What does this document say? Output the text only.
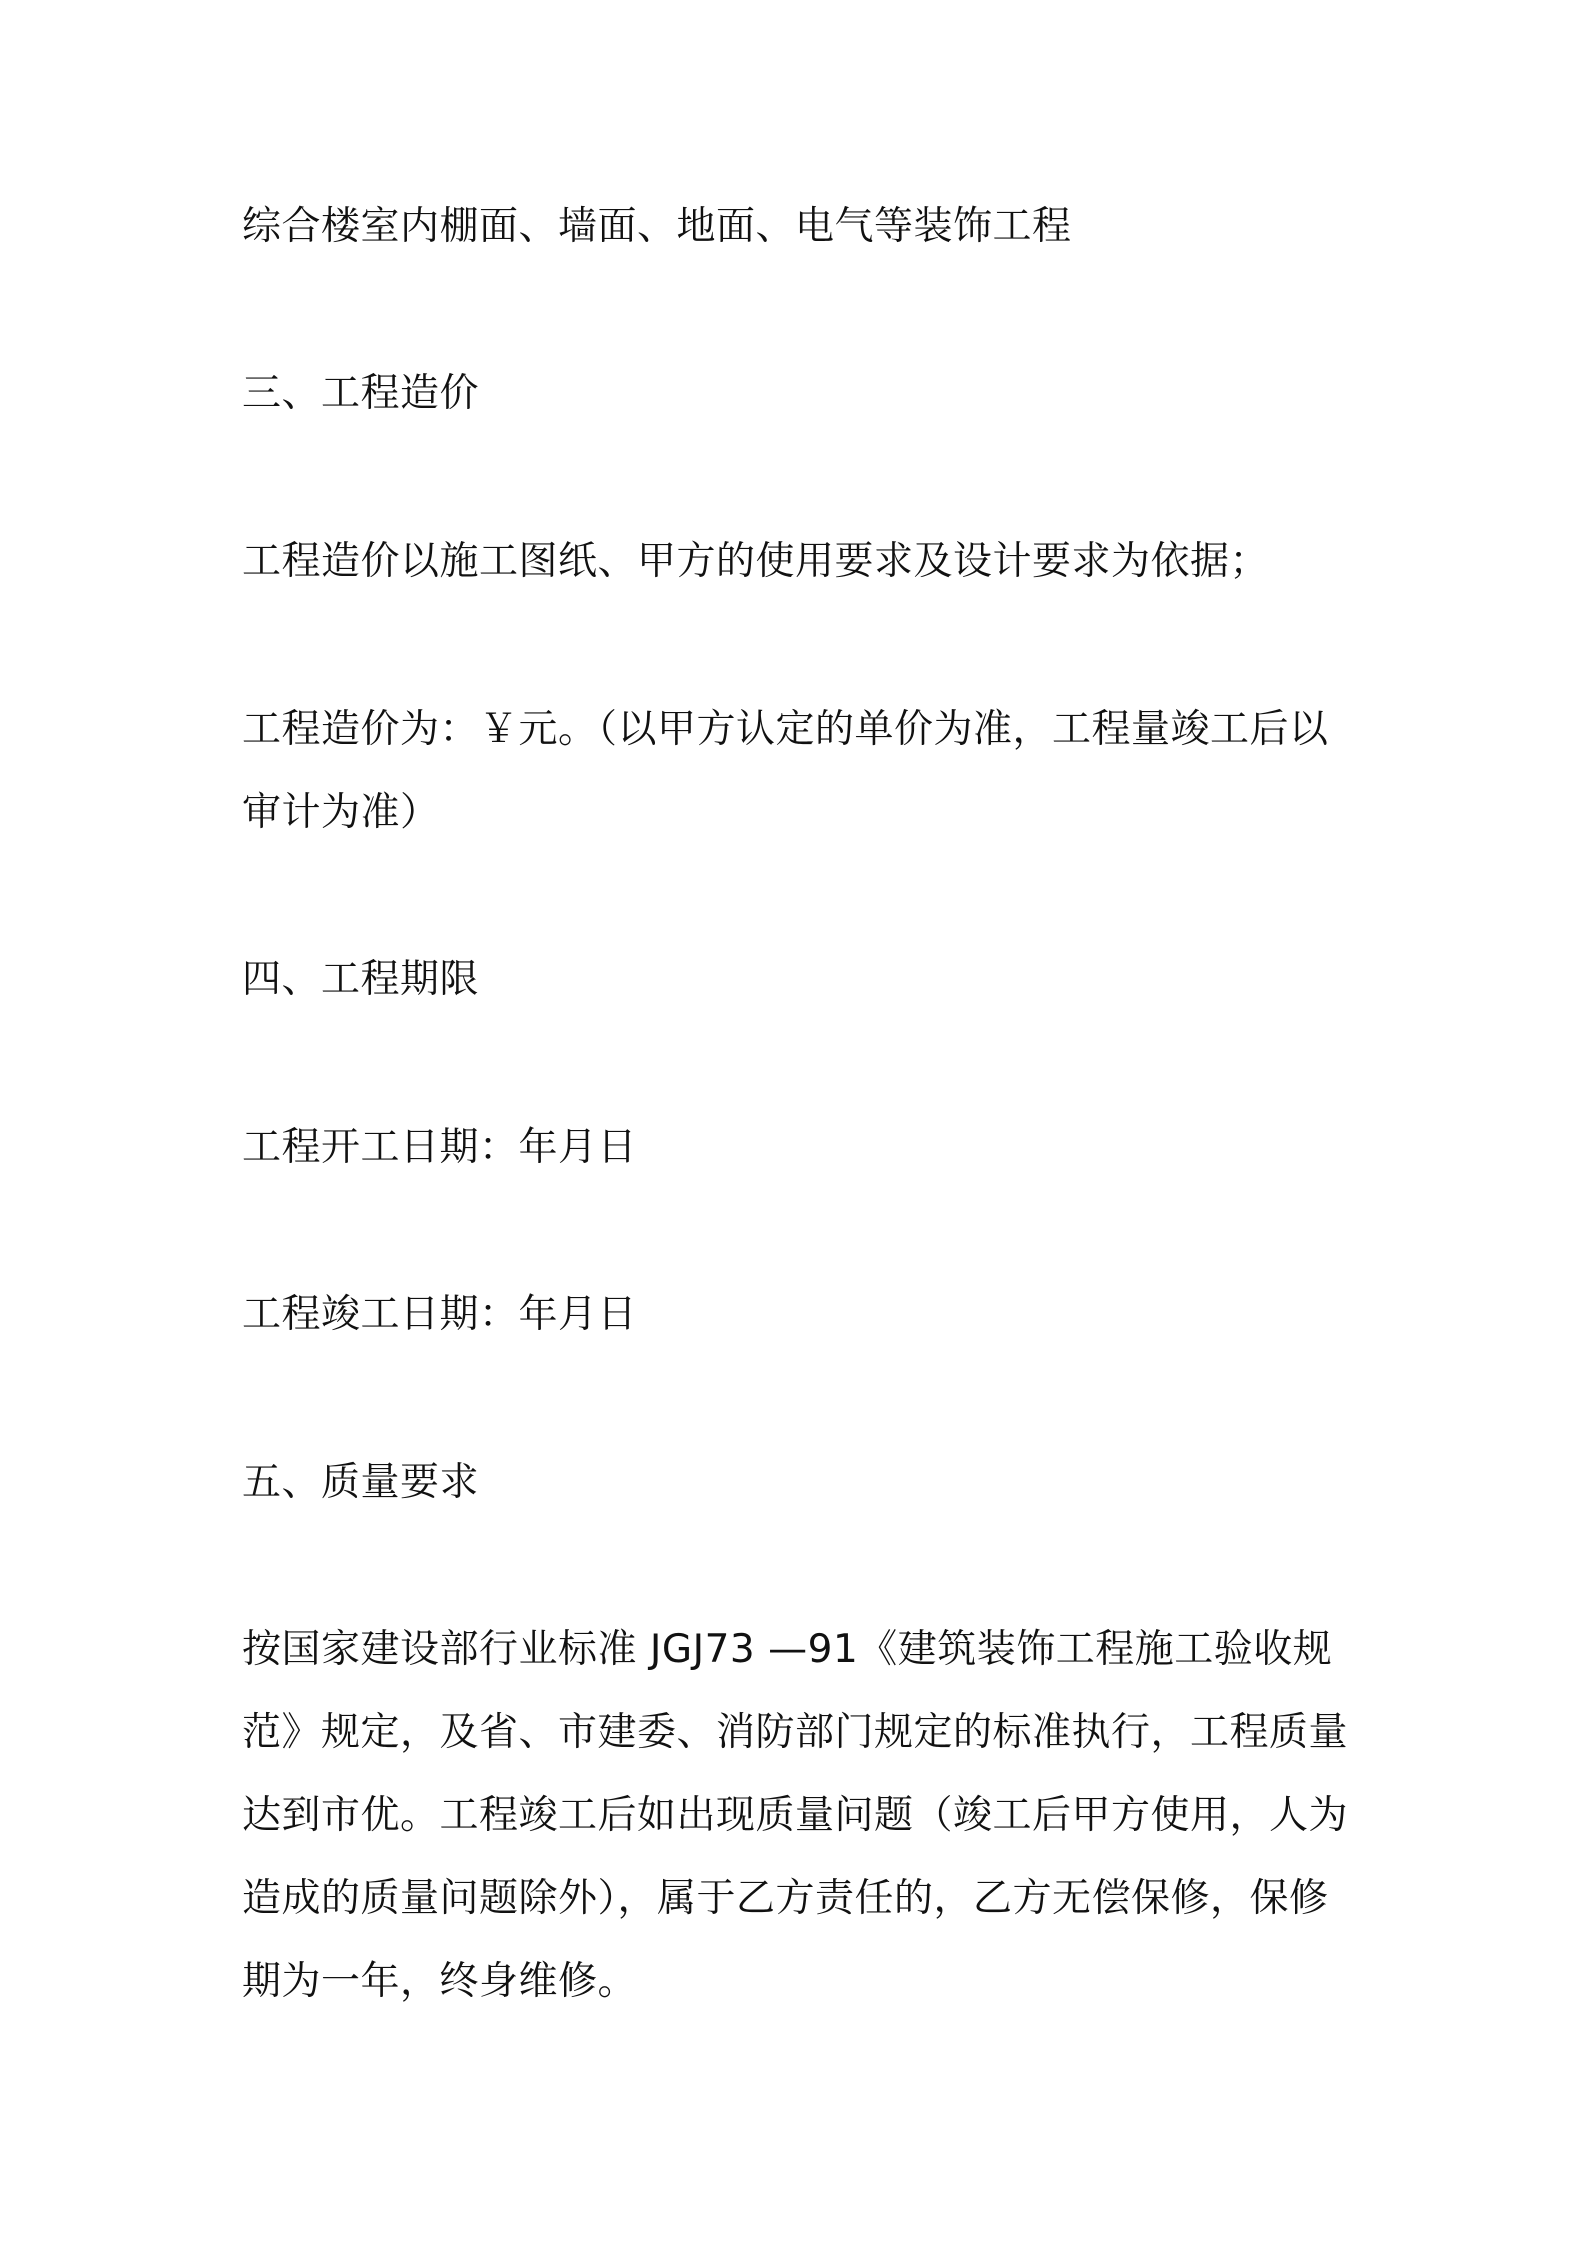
综合楼室内棚面、墙面、地面、电气等装饰工程

三、工程造价

工程造价以施工图纸、甲方的使用要求及设计要求为依据；

工程造价为：￥元。（以甲方认定的单价为准，工程量竣工后以审计为准）

四、工程期限

工程开工日期：年月日

工程竣工日期：年月日

五、质量要求

按国家建设部行业标准 JGJ73 —91《建筑装饰工程施工验收规范》规定，及省、市建委、消防部门规定的标准执行，工程质量达到市优。工程竣工后如出现质量问题（竣工后甲方使用，人为造成的质量问题除外），属于乙方责任的，乙方无偿保修，保修期为一年，终身维修。
